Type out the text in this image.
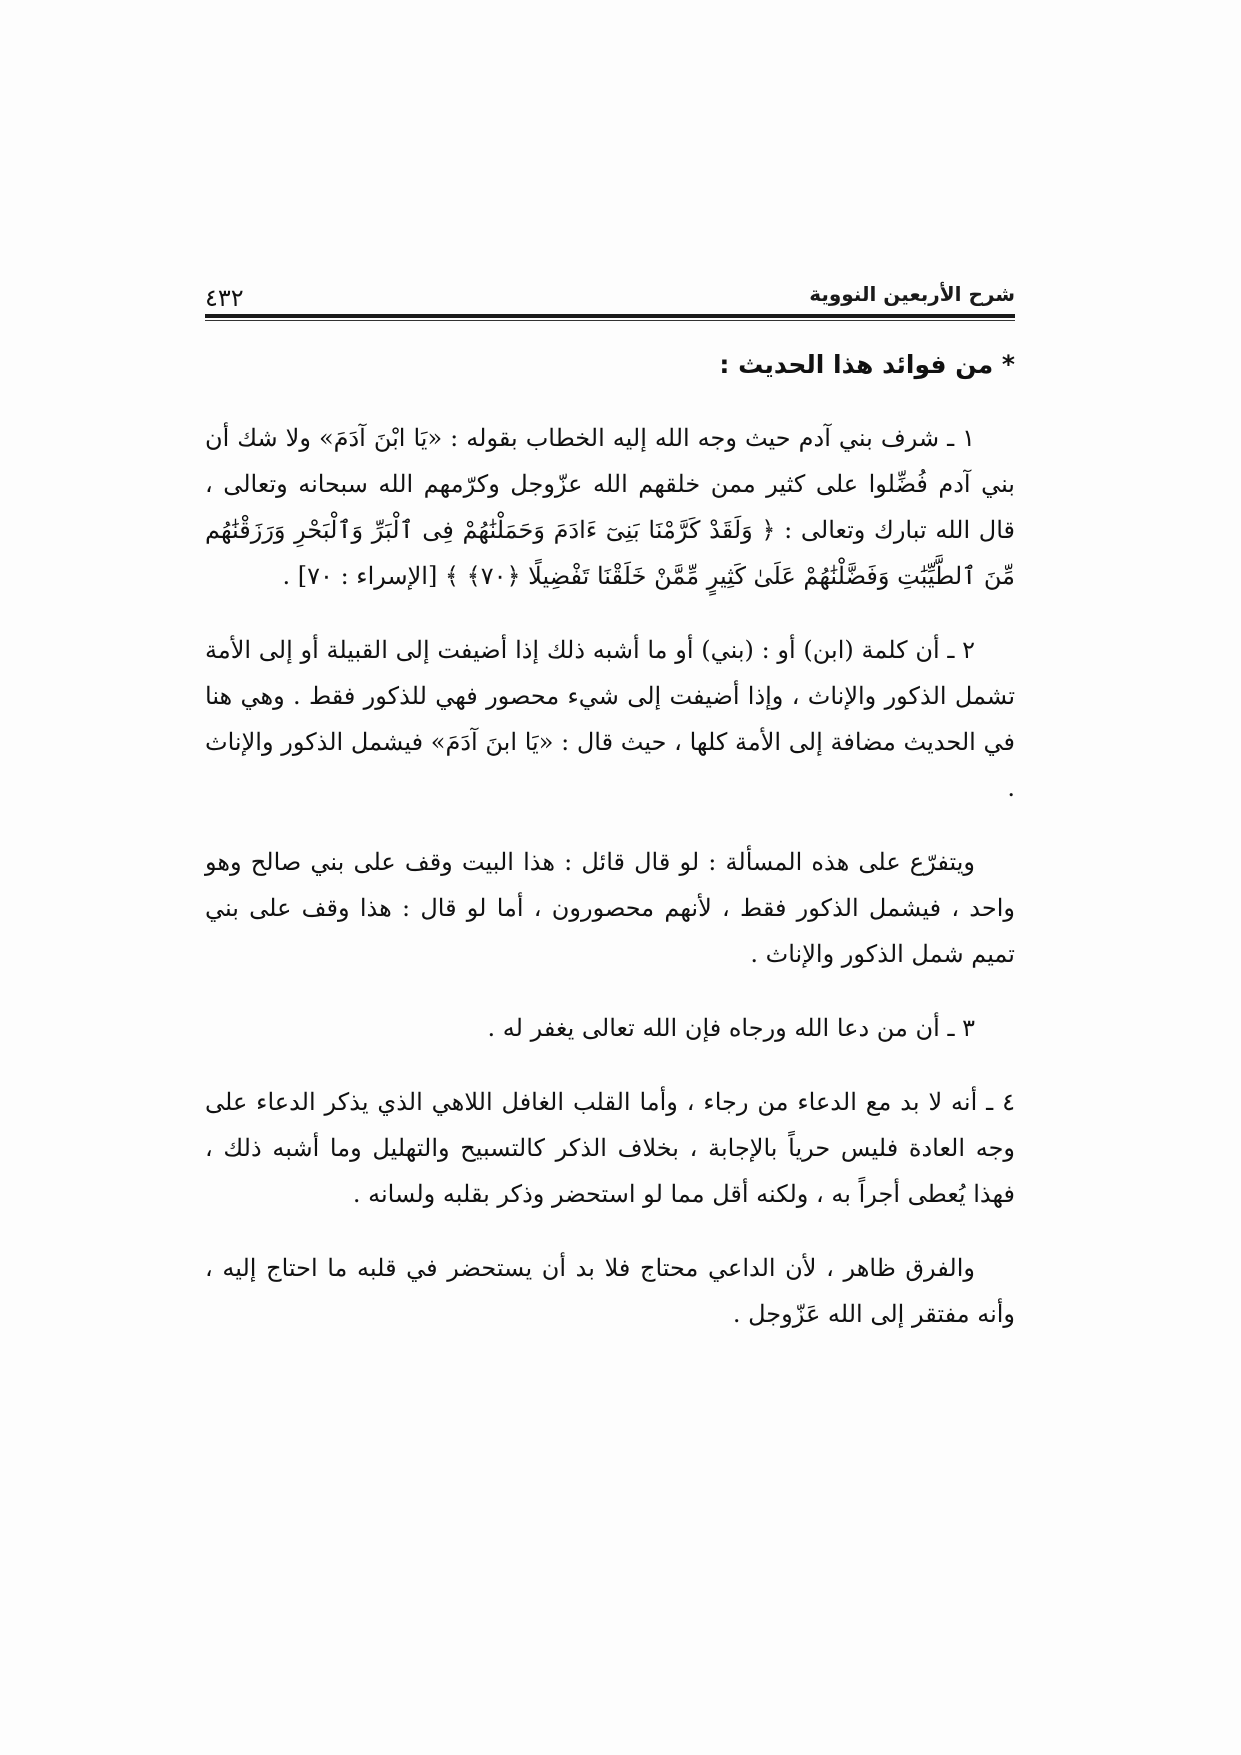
شرح الأربعين النووية
٤٣٢
* من فوائد هذا الحديث :

١ ـ شرف بني آدم حيث وجه الله إليه الخطاب بقوله : «يَا ابْنَ آدَمَ» ولا شك أن بني آدم فُضِّلوا على كثير ممن خلقهم الله عزّوجل وكرّمهم الله سبحانه وتعالى ، قال الله تبارك وتعالى : ﴿ وَلَقَدْ كَرَّمْنَا بَنِىٓ ءَادَمَ وَحَمَلْنَٰهُمْ فِى ٱلْبَرِّ وَٱلْبَحْرِ وَرَزَقْنَٰهُم مِّنَ ٱلطَّيِّبَٰتِ وَفَضَّلْنَٰهُمْ عَلَىٰ كَثِيرٍ مِّمَّنْ خَلَقْنَا تَفْضِيلًا ﴿٧٠﴾ ﴾ [الإسراء : ٧٠] .

٢ ـ أن كلمة (ابن) أو : (بني) أو ما أشبه ذلك إذا أضيفت إلى القبيلة أو إلى الأمة تشمل الذكور والإناث ، وإذا أضيفت إلى شيء محصور فهي للذكور فقط . وهي هنا في الحديث مضافة إلى الأمة كلها ، حيث قال : «يَا ابنَ آدَمَ» فيشمل الذكور والإناث .

ويتفرّع على هذه المسألة : لو قال قائل : هذا البيت وقف على بني صالح وهو واحد ، فيشمل الذكور فقط ، لأنهم محصورون ، أما لو قال : هذا وقف على بني تميم شمل الذكور والإناث .

٣ ـ أن من دعا الله ورجاه فإن الله تعالى يغفر له .

٤ ـ أنه لا بد مع الدعاء من رجاء ، وأما القلب الغافل اللاهي الذي يذكر الدعاء على وجه العادة فليس حرياً بالإجابة ، بخلاف الذكر كالتسبيح والتهليل وما أشبه ذلك ، فهذا يُعطى أجراً به ، ولكنه أقل مما لو استحضر وذكر بقلبه ولسانه .

والفرق ظاهر ، لأن الداعي محتاج فلا بد أن يستحضر في قلبه ما احتاج إليه ، وأنه مفتقر إلى الله عَزّوجل .
